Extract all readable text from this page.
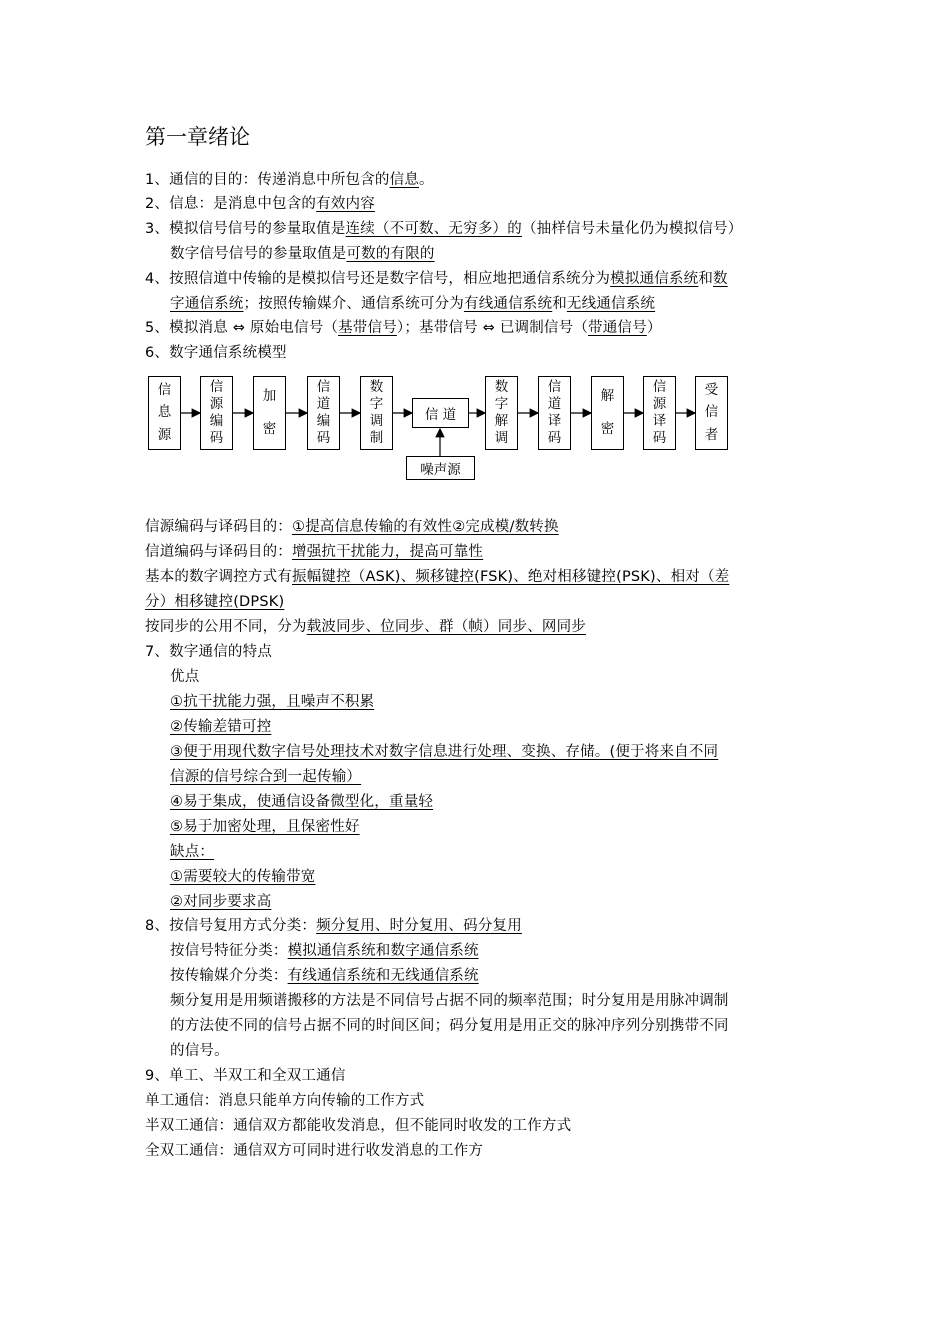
第一章绪论
1、通信的目的：传递消息中所包含的信息。
2、信息：是消息中包含的有效内容
3、模拟信号信号的参量取值是连续（不可数、无穷多）的（抽样信号未量化仍为模拟信号）
数字信号信号的参量取值是可数的有限的
4、按照信道中传输的是模拟信号还是数字信号，相应地把通信系统分为模拟通信系统和数
字通信系统；按照传输媒介、通信系统可分为有线通信系统和无线通信系统
5、模拟消息 ⇔ 原始电信号（基带信号）；基带信号 ⇔ 已调制信号（带通信号）
6、数字通信系统模型
信源编码与译码目的：①提高信息传输的有效性②完成模/数转换
信道编码与译码目的：增强抗干扰能力，提高可靠性
基本的数字调控方式有振幅键控（ASK)、频移键控(FSK)、绝对相移键控(PSK)、相对（差
分）相移键控(DPSK)
按同步的公用不同，分为载波同步、位同步、群（帧）同步、网同步
7、数字通信的特点
优点
①抗干扰能力强，且噪声不积累
②传输差错可控
③便于用现代数字信号处理技术对数字信息进行处理、变换、存储。(便于将来自不同
信源的信号综合到一起传输）
④易于集成，使通信设备微型化，重量轻
⑤易于加密处理，且保密性好
缺点：
①需要较大的传输带宽
②对同步要求高
8、按信号复用方式分类：频分复用、时分复用、码分复用
按信号特征分类：模拟通信系统和数字通信系统
按传输媒介分类：有线通信系统和无线通信系统
频分复用是用频谱搬移的方法是不同信号占据不同的频率范围；时分复用是用脉冲调制
的方法使不同的信号占据不同的时间区间；码分复用是用正交的脉冲序列分别携带不同
的信号。
9、单工、半双工和全双工通信
单工通信：消息只能单方向传输的工作方式
半双工通信：通信双方都能收发消息，但不能同时收发的工作方式
全双工通信：通信双方可同时进行收发消息的工作方
信
息
源
信
源
编
码
加
密
信
道
编
码
数
字
调
制
信 道
数
字
解
调
信
道
译
码
解
密
信
源
译
码
受
信
者
噪声源
